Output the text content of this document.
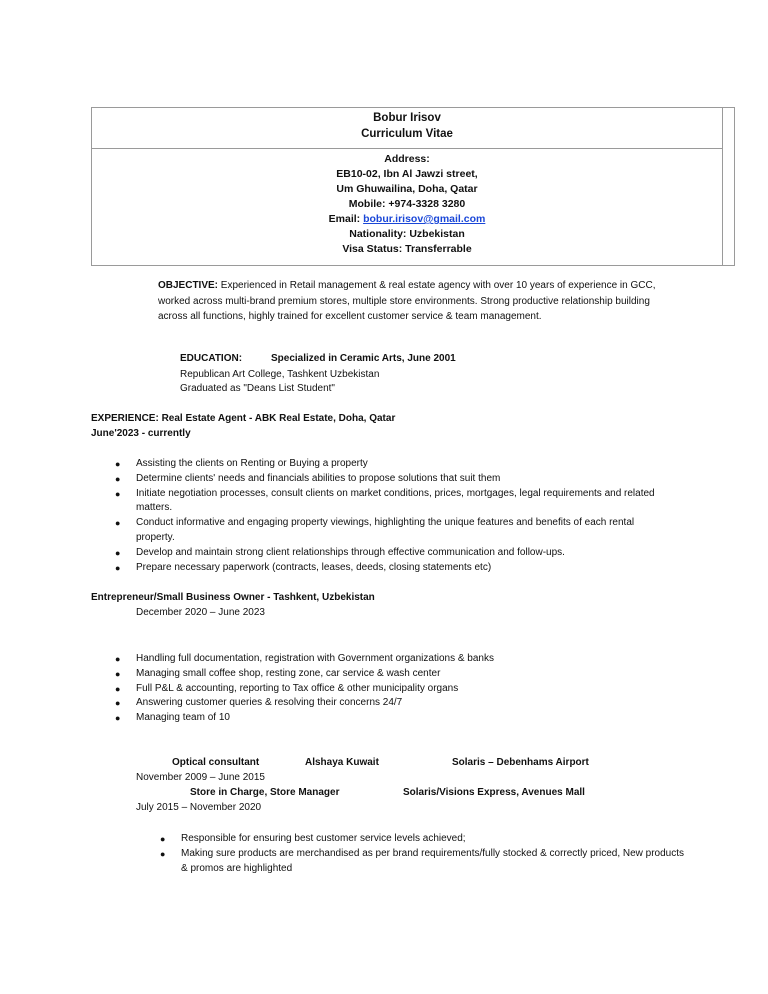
Bobur Irisov
Curriculum Vitae
Address:
EB10-02, Ibn Al Jawzi street,
Um Ghuwailina, Doha, Qatar
Mobile: +974-3328 3280
Email: bobur.irisov@gmail.com
Nationality: Uzbekistan
Visa Status: Transferrable
OBJECTIVE: Experienced in Retail management & real estate agency with over 10 years of experience in GCC, worked across multi-brand premium stores, multiple store environments. Strong productive relationship building across all functions, highly trained for excellent customer service & team management.
EDUCATION:	Specialized in Ceramic Arts, June 2001
Republican Art College, Tashkent Uzbekistan
Graduated as "Deans List Student"
EXPERIENCE: Real Estate Agent - ABK Real Estate, Doha, Qatar
June'2023 - currently
● Assisting the clients on Renting or Buying a property
● Determine clients' needs and financials abilities to propose solutions that suit them
● Initiate negotiation processes, consult clients on market conditions, prices, mortgages, legal requirements and related matters.
● Conduct informative and engaging property viewings, highlighting the unique features and benefits of each rental property.
● Develop and maintain strong client relationships through effective communication and follow-ups.
● Prepare necessary paperwork (contracts, leases, deeds, closing statements etc)
Entrepreneur/Small Business Owner - Tashkent, Uzbekistan
December 2020 – June 2023
● Handling full documentation, registration with Government organizations & banks
● Managing small coffee shop, resting zone, car service & wash center
● Full P&L & accounting, reporting to Tax office & other municipality organs
● Answering customer queries & resolving their concerns 24/7
● Managing team of 10
Optical consultant	Alshaya Kuwait	Solaris – Debenhams Airport
November 2009 – June 2015
Store in Charge, Store Manager	Solaris/Visions Express, Avenues Mall
July 2015 – November 2020
● Responsible for ensuring best customer service levels achieved;
● Making sure products are merchandised as per brand requirements/fully stocked & correctly priced, New products & promos are highlighted
